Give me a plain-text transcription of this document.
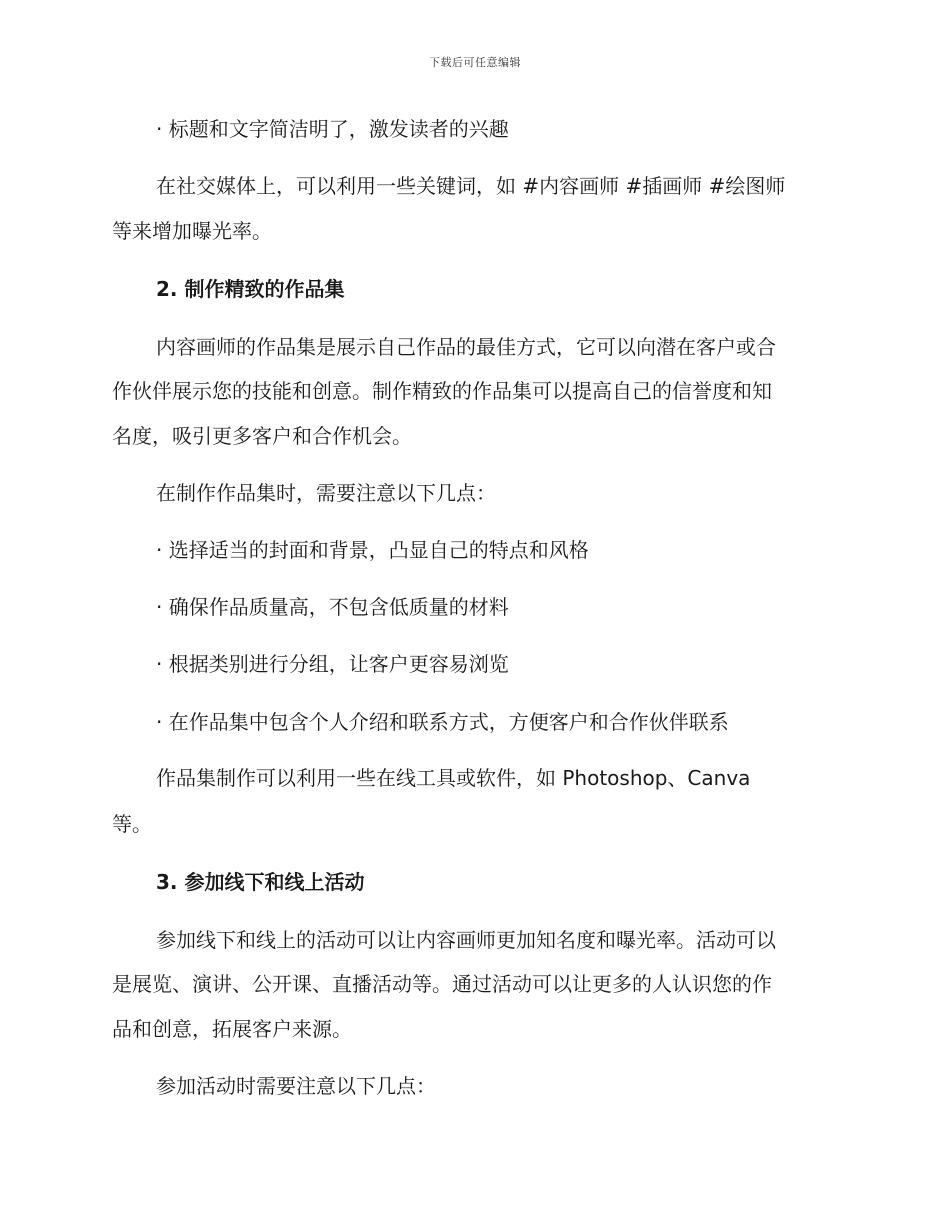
下载后可任意编辑
· 标题和文字简洁明了，激发读者的兴趣
在社交媒体上，可以利用一些关键词，如 #内容画师 #插画师 #绘图师
等来增加曝光率。
2. 制作精致的作品集
内容画师的作品集是展示自己作品的最佳方式，它可以向潜在客户或合
作伙伴展示您的技能和创意。制作精致的作品集可以提高自己的信誉度和知
名度，吸引更多客户和合作机会。
在制作作品集时，需要注意以下几点：
· 选择适当的封面和背景，凸显自己的特点和风格
· 确保作品质量高，不包含低质量的材料
· 根据类别进行分组，让客户更容易浏览
· 在作品集中包含个人介绍和联系方式，方便客户和合作伙伴联系
作品集制作可以利用一些在线工具或软件，如 Photoshop、Canva
等。
3. 参加线下和线上活动
参加线下和线上的活动可以让内容画师更加知名度和曝光率。活动可以
是展览、演讲、公开课、直播活动等。通过活动可以让更多的人认识您的作
品和创意，拓展客户来源。
参加活动时需要注意以下几点：
